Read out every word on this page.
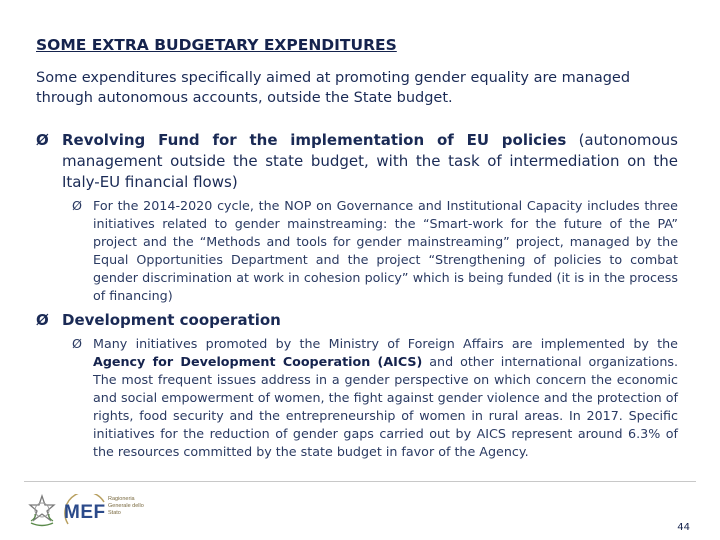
SOME EXTRA BUDGETARY EXPENDITURES
Some expenditures specifically aimed at promoting gender equality are managed through autonomous accounts, outside the State budget.
Ø Revolving Fund for the implementation of EU policies (autonomous management outside the state budget, with the task of intermediation on the Italy-EU financial flows)
Ø For the 2014-2020 cycle, the NOP on Governance and Institutional Capacity includes three initiatives related to gender mainstreaming: the “Smart-work for the future of the PA” project and the “Methods and tools for gender mainstreaming” project, managed by the Equal Opportunities Department and the project “Strengthening of policies to combat gender discrimination at work in cohesion policy” which is being funded (it is in the process of financing)
Ø Development cooperation
Ø Many initiatives promoted by the Ministry of Foreign Affairs are implemented by the Agency for Development Cooperation (AICS) and other international organizations. The most frequent issues address in a gender perspective on which concern the economic and social empowerment of women, the fight against gender violence and the protection of rights, food security and the entrepreneurship of women in rural areas. In 2017. Specific initiatives for the reduction of gender gaps carried out by AICS represent around 6.3% of the resources committed by the state budget in favor of the Agency.
MEF
Ragioneria Generale dello Stato
44
